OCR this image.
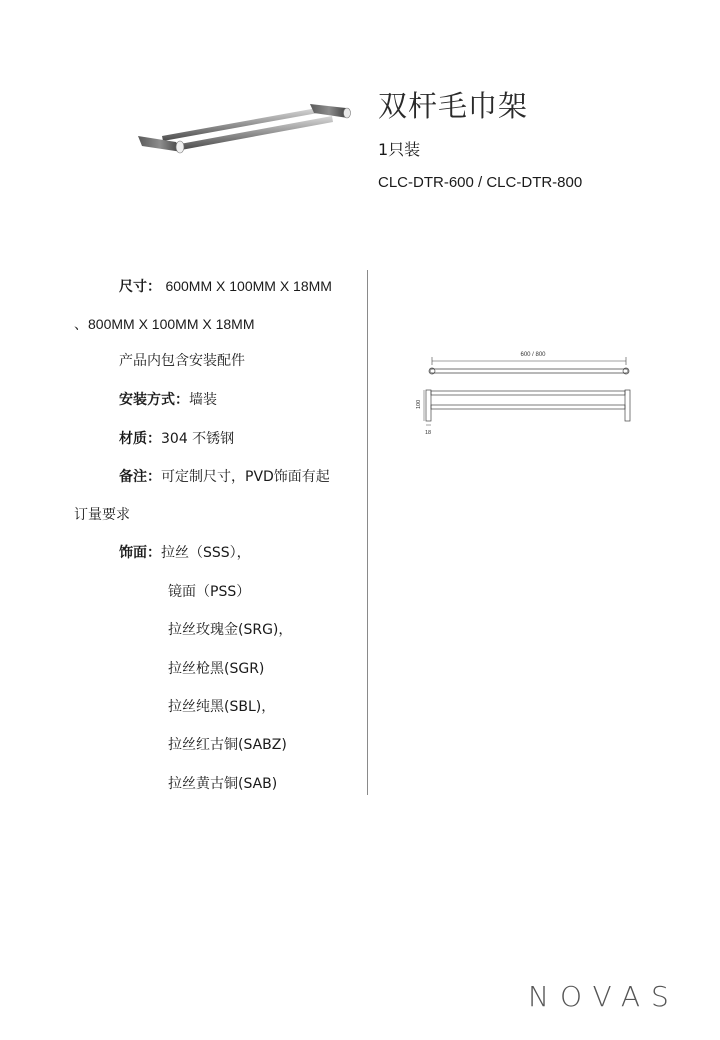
双杆毛巾架
1只装
CLC-DTR-600 / CLC-DTR-800
尺寸： 600MM X 100MM X 18MM
、800MM X 100MM X 18MM
产品内包含安装配件
安装方式：墙装
材质：304 不锈钢
备注：可定制尺寸，PVD饰面有起
订量要求
饰面：拉丝（SSS），
镜面（PSS）
拉丝玫瑰金(SRG)，
拉丝枪黑(SGR)
拉丝纯黑(SBL)，
拉丝红古铜(SABZ)
拉丝黄古铜(SAB)
600 / 800
100
18
NOVAS
